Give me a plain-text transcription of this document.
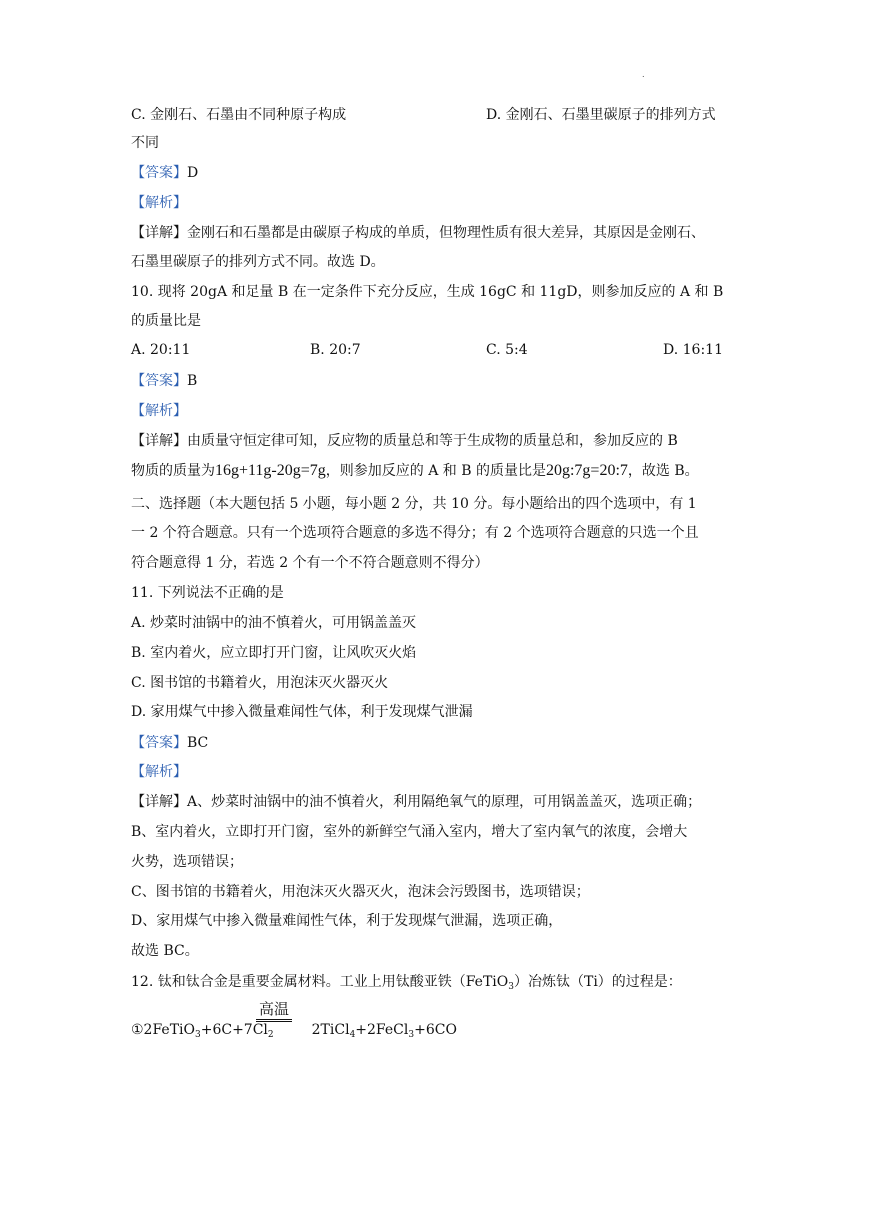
.
C. 金刚石、石墨由不同种原子构成	D. 金刚石、石墨里碳原子的排列方式
不同
【答案】D
【解析】
【详解】金刚石和石墨都是由碳原子构成的单质，但物理性质有很大差异，其原因是金刚石、
石墨里碳原子的排列方式不同。故选 D。
10. 现将 20gA 和足量 B 在一定条件下充分反应，生成 16gC 和 11gD，则参加反应的 A 和 B
的质量比是
A. 20:11	B. 20:7	C. 5:4	D. 16:11
【答案】B
【解析】
【详解】由质量守恒定律可知，反应物的质量总和等于生成物的质量总和，参加反应的 B
物质的质量为16g+11g-20g=7g，则参加反应的 A 和 B 的质量比是20g:7g=20:7，故选 B。
二、选择题（本大题包括 5 小题，每小题 2 分，共 10 分。每小题给出的四个选项中，有 1
一 2 个符合题意。只有一个选项符合题意的多选不得分；有 2 个选项符合题意的只选一个且
符合题意得 1 分，若选 2 个有一个不符合题意则不得分）
11. 下列说法不正确的是
A. 炒菜时油锅中的油不慎着火，可用锅盖盖灭
B. 室内着火，应立即打开门窗，让风吹灭火焰
C. 图书馆的书籍着火，用泡沫灭火器灭火
D. 家用煤气中掺入微量难闻性气体，利于发现煤气泄漏
【答案】BC
【解析】
【详解】A、炒菜时油锅中的油不慎着火，利用隔绝氧气的原理，可用锅盖盖灭，选项正确；
B、室内着火，立即打开门窗，室外的新鲜空气涌入室内，增大了室内氧气的浓度，会增大
火势，选项错误；
C、图书馆的书籍着火，用泡沫灭火器灭火，泡沫会污毁图书，选项错误；
D、家用煤气中掺入微量难闻性气体，利于发现煤气泄漏，选项正确，
故选 BC。
12. 钛和钛合金是重要金属材料。工业上用钛酸亚铁（FeTiO$_3$）冶炼钛（Ti）的过程是：
高温
$①2FeTiO_3+6C+7Cl_2$	2TiCl$_4$+2FeCl$_3$+6CO
